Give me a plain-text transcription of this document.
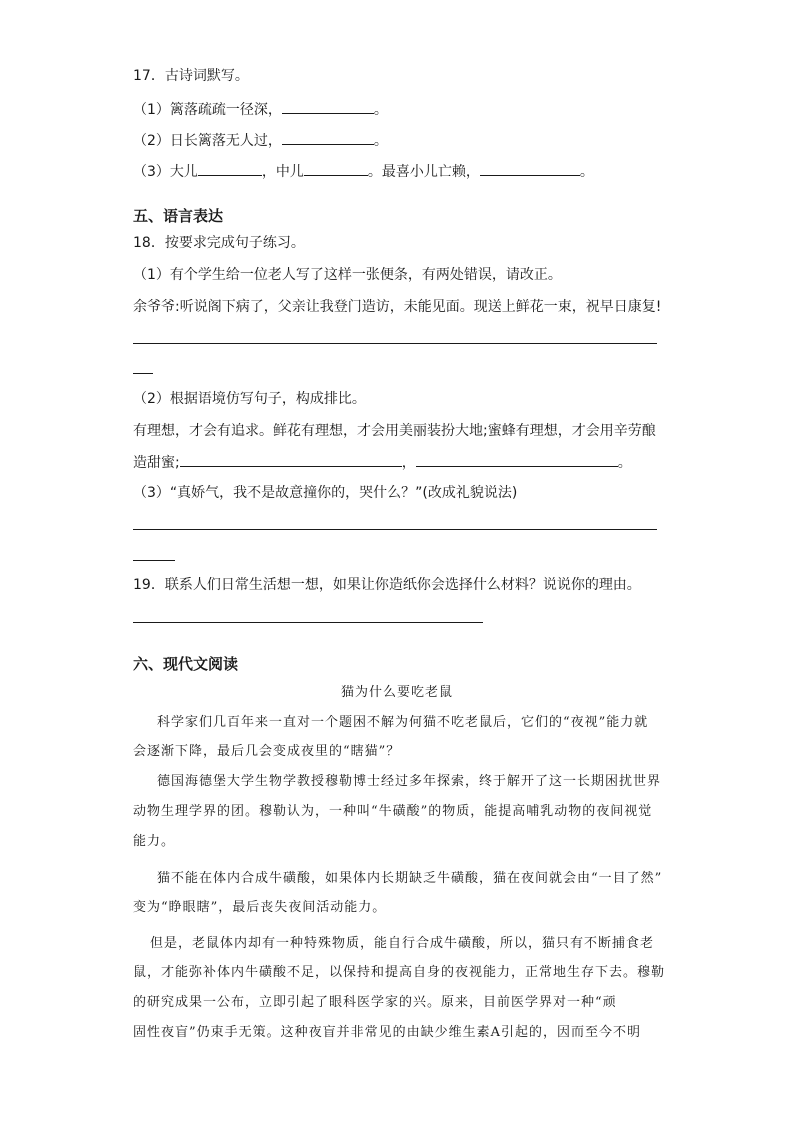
17．古诗词默写。
（1）篱落疏疏一径深，	。
（2）日长篱落无人过，	。
（3）大儿	，中儿	。最喜小儿亡赖，	。
五、语言表达
18．按要求完成句子练习。
（1）有个学生给一位老人写了这样一张便条，有两处错误，请改正。
余爷爷:听说阁下病了，父亲让我登门造访，未能见面。现送上鲜花一束，祝早日康复!
（2）根据语境仿写句子，构成排比。
有理想，才会有追求。鲜花有理想，才会用美丽装扮大地;蜜蜂有理想，才会用辛劳酿
造甜蜜;	，	。
（3）“真娇气，我不是故意撞你的，哭什么？”(改成礼貌说法)
19．联系人们日常生活想一想，如果让你造纸你会选择什么材料？说说你的理由。
六、现代文阅读
猫为什么要吃老鼠
科学家们几百年来一直对一个题困不解为何猫不吃老鼠后，它们的“夜视”能力就
会逐渐下降，最后几会变成夜里的“瞎猫”？
德国海德堡大学生物学教授穆勒博士经过多年探索，终于解开了这一长期困扰世界
动物生理学界的团。穆勒认为，一种叫“牛磺酸”的物质，能提高哺乳动物的夜间视觉
能力。
猫不能在体内合成牛磺酸，如果体内长期缺乏牛磺酸，猫在夜间就会由“一目了然”
变为“睁眼瞎”，最后丧失夜间活动能力。
但是，老鼠体内却有一种特殊物质，能自行合成牛磺酸，所以，猫只有不断捕食老
鼠，才能弥补体内牛磺酸不足，以保持和提高自身的夜视能力，正常地生存下去。穆勒
的研究成果一公布，立即引起了眼科医学家的兴。原来，目前医学界对一种“顽
固性夜盲”仍束手无策。这种夜盲并非常见的由缺少维生素A引起的，因而至今不明
